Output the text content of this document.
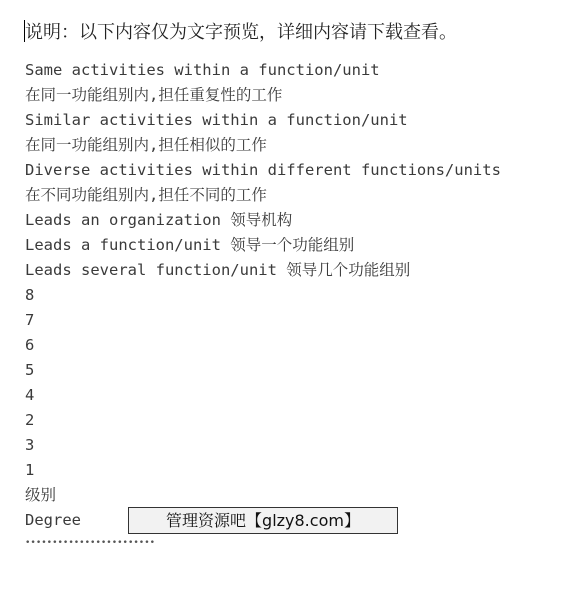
说明：以下内容仅为文字预览，详细内容请下载查看。
Same activities within a function/unit
在同一功能组别内,担任重复性的工作
Similar activities within a function/unit
在同一功能组别内,担任相似的工作
Diverse activities within different functions/units
在不同功能组别内,担任不同的工作
Leads an organization 领导机构
Leads a function/unit 领导一个功能组别
Leads several function/unit 领导几个功能组别
8
7
6
5
4
2
3
1
级别
Degree	管理资源吧【glzy8.com】
••••••••••••••••••••••••
